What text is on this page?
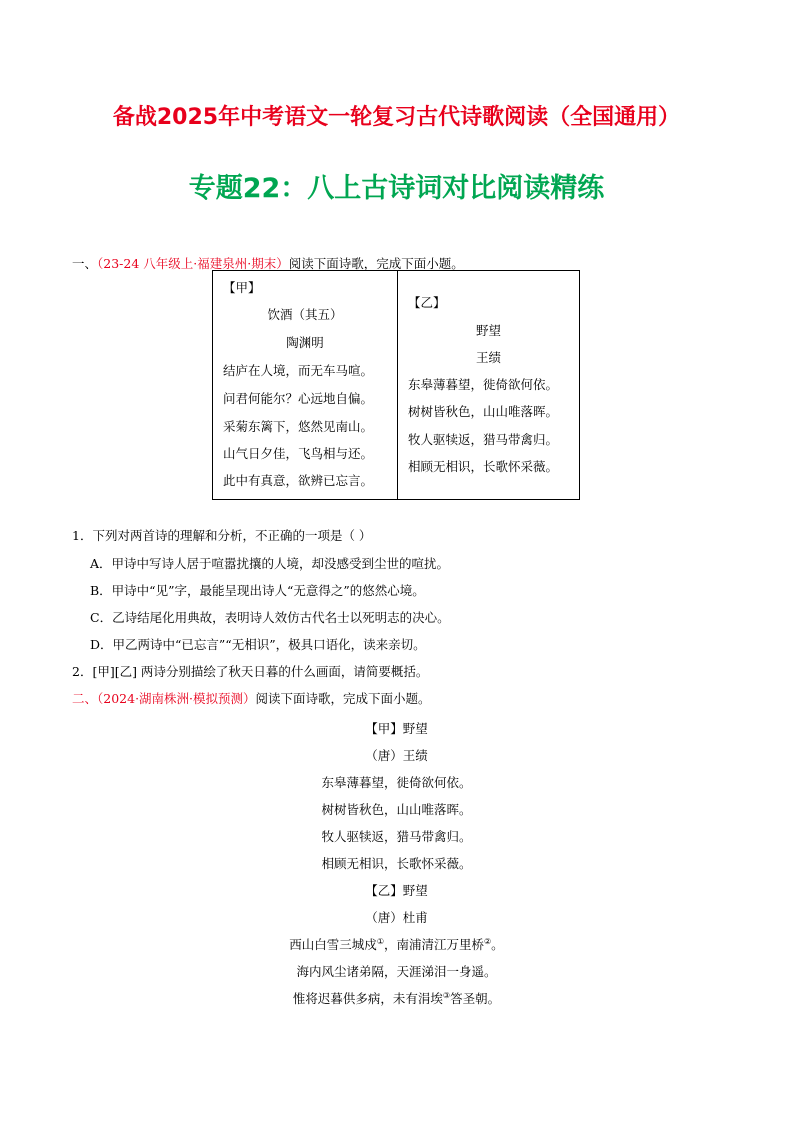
备战2025年中考语文一轮复习古代诗歌阅读（全国通用）
专题22：八上古诗词对比阅读精练
一、（23-24 八年级上·福建泉州·期末）阅读下面诗歌，完成下面小题。
【甲】
饮酒（其五）
陶渊明
结庐在人境，而无车马喧。
问君何能尔？心远地自偏。
采菊东篱下，悠然见南山。
山气日夕佳，飞鸟相与还。
此中有真意，欲辨已忘言。
【乙】
野望
王绩
东皋薄暮望，徙倚欲何依。
树树皆秋色，山山唯落晖。
牧人驱犊返，猎马带禽归。
相顾无相识，长歌怀采薇。
1．下列对两首诗的理解和分析，不正确的一项是（ ）
A．甲诗中写诗人居于喧嚣扰攘的人境，却没感受到尘世的喧扰。
B．甲诗中“见”字，最能呈现出诗人“无意得之”的悠然心境。
C．乙诗结尾化用典故，表明诗人效仿古代名士以死明志的决心。
D．甲乙两诗中“已忘言”“无相识”，极具口语化，读来亲切。
2．[甲][乙] 两诗分别描绘了秋天日暮的什么画面，请简要概括。
二、（2024·湖南株洲·模拟预测）阅读下面诗歌，完成下面小题。
【甲】野望
（唐）王绩
东皋薄暮望，徙倚欲何依。
树树皆秋色，山山唯落晖。
牧人驱犊返，猎马带禽归。
相顾无相识，长歌怀采薇。
【乙】野望
（唐）杜甫
西山白雪三城戍①，南浦清江万里桥②。
海内风尘诸弟隔，天涯涕泪一身遥。
惟将迟暮供多病，未有涓埃③答圣朝。
